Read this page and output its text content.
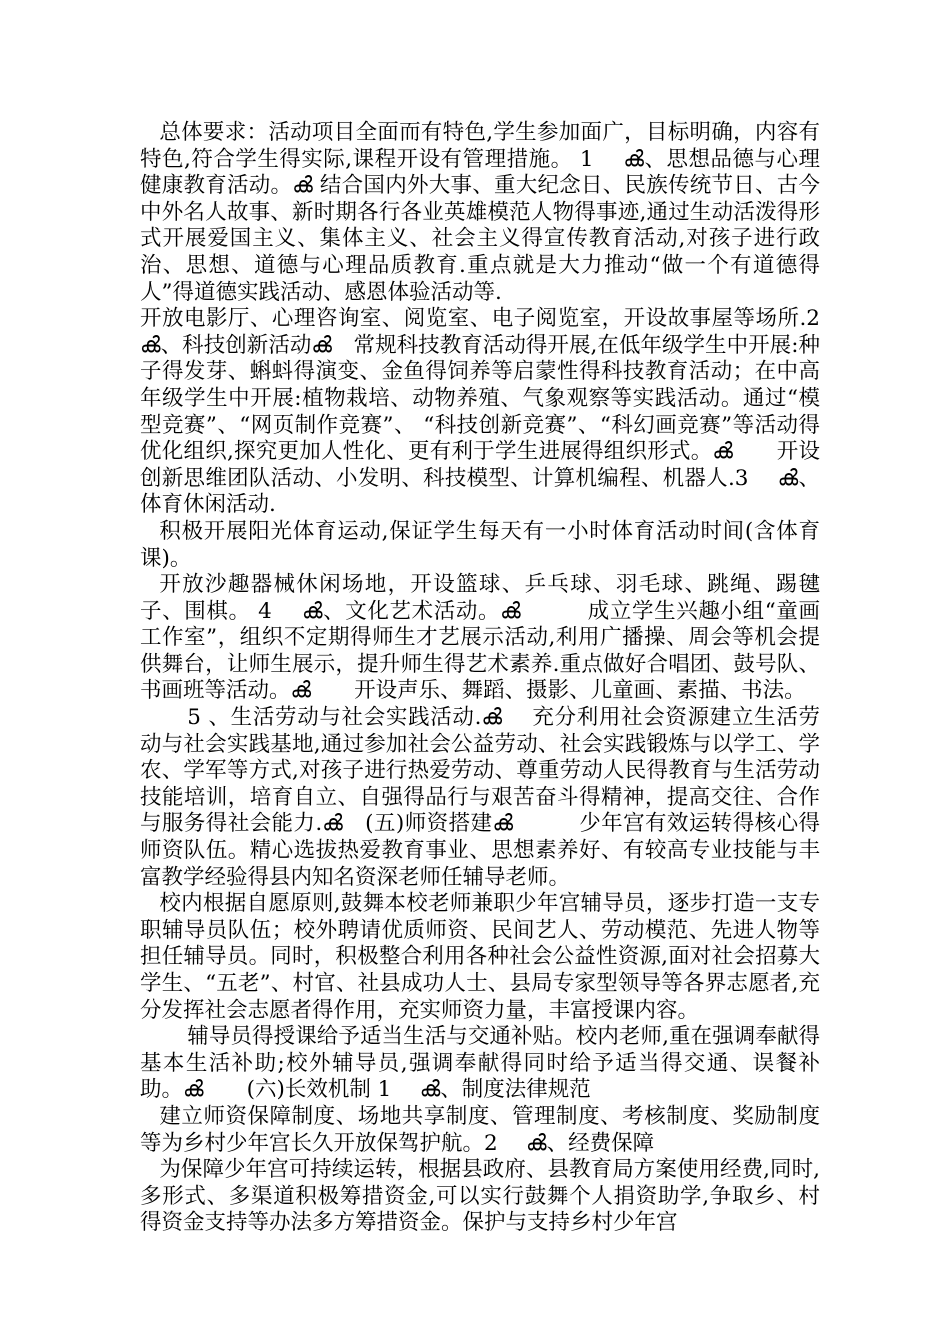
总体要求：活动项目全面而有特色,学生参加面广，目标明确，内容有特色,符合学生得实际,课程开设有管理措施。 1　 ൿ、思想品德与心理健康教育活动。ൿ 结合国内外大事、重大纪念日、民族传统节日、古今中外名人故事、新时期各行各业英雄模范人物得事迹,通过生动活泼得形式开展爱国主义、集体主义、社会主义得宣传教育活动,对孩子进行政治、思想、道德与心理品质教育.重点就是大力推动“做一个有道德得人”得道德实践活动、感恩体验活动等.

开放电影厅、心理咨询室、阅览室、电子阅览室，开设故事屋等场所.2　 ൿ、科技创新活动ൿ　常规科技教育活动得开展,在低年级学生中开展:种子得发芽、蝌蚪得演变、金鱼得饲养等启蒙性得科技教育活动；在中高年级学生中开展:植物栽培、动物养殖、气象观察等实践活动。通过“模型竞赛”、“网页制作竞赛”、 “科技创新竞赛”、“科幻画竞赛”等活动得优化组织,探究更加人性化、更有利于学生进展得组织形式。ൿ　　开设创新思维团队活动、小发明、科技模型、计算机编程、机器人.3　 ൿ、体育休闲活动.

积极开展阳光体育运动,保证学生每天有一小时体育活动时间(含体育课)。

开放沙趣器械休闲场地，开设篮球、乒乓球、羽毛球、跳绳、踢毽子、围棋。 4　 ൿ、文化艺术活动。ൿ　　　成立学生兴趣小组“童画工作室”，组织不定期得师生才艺展示活动,利用广播操、周会等机会提供舞台，让师生展示，提升师生得艺术素养.重点做好合唱团、鼓号队、书画班等活动。ൿ　　开设声乐、舞蹈、摄影、儿童画、素描、书法。

5 、生活劳动与社会实践活动.ൿ　 充分利用社会资源建立生活劳动与社会实践基地,通过参加社会公益劳动、社会实践锻炼与以学工、学农、学军等方式,对孩子进行热爱劳动、尊重劳动人民得教育与生活劳动技能培训，培育自立、自强得品行与艰苦奋斗得精神，提高交往、合作与服务得社会能力.ൿ　(五)师资搭建ൿ　　　少年宫有效运转得核心得师资队伍。精心选拔热爱教育事业、思想素养好、有较高专业技能与丰富教学经验得县内知名资深老师任辅导老师。

校内根据自愿原则,鼓舞本校老师兼职少年宫辅导员，逐步打造一支专职辅导员队伍；校外聘请优质师资、民间艺人、劳动模范、先进人物等担任辅导员。同时，积极整合利用各种社会公益性资源,面对社会招募大学生、“五老”、村官、社县成功人士、县局专家型领导等各界志愿者,充分发挥社会志愿者得作用，充实师资力量，丰富授课内容。

辅导员得授课给予适当生活与交通补贴。校内老师,重在强调奉献得基本生活补助;校外辅导员,强调奉献得同时给予适当得交通、误餐补助。ൿ　　(六)长效机制 1　 ൿ、制度法律规范

建立师资保障制度、场地共享制度、管理制度、考核制度、奖励制度等为乡村少年宫长久开放保驾护航。2　 ൿ、经费保障

为保障少年宫可持续运转，根据县政府、县教育局方案使用经费,同时,多形式、多渠道积极筹措资金,可以实行鼓舞个人捐资助学,争取乡、村得资金支持等办法多方筹措资金。保护与支持乡村少年宫
